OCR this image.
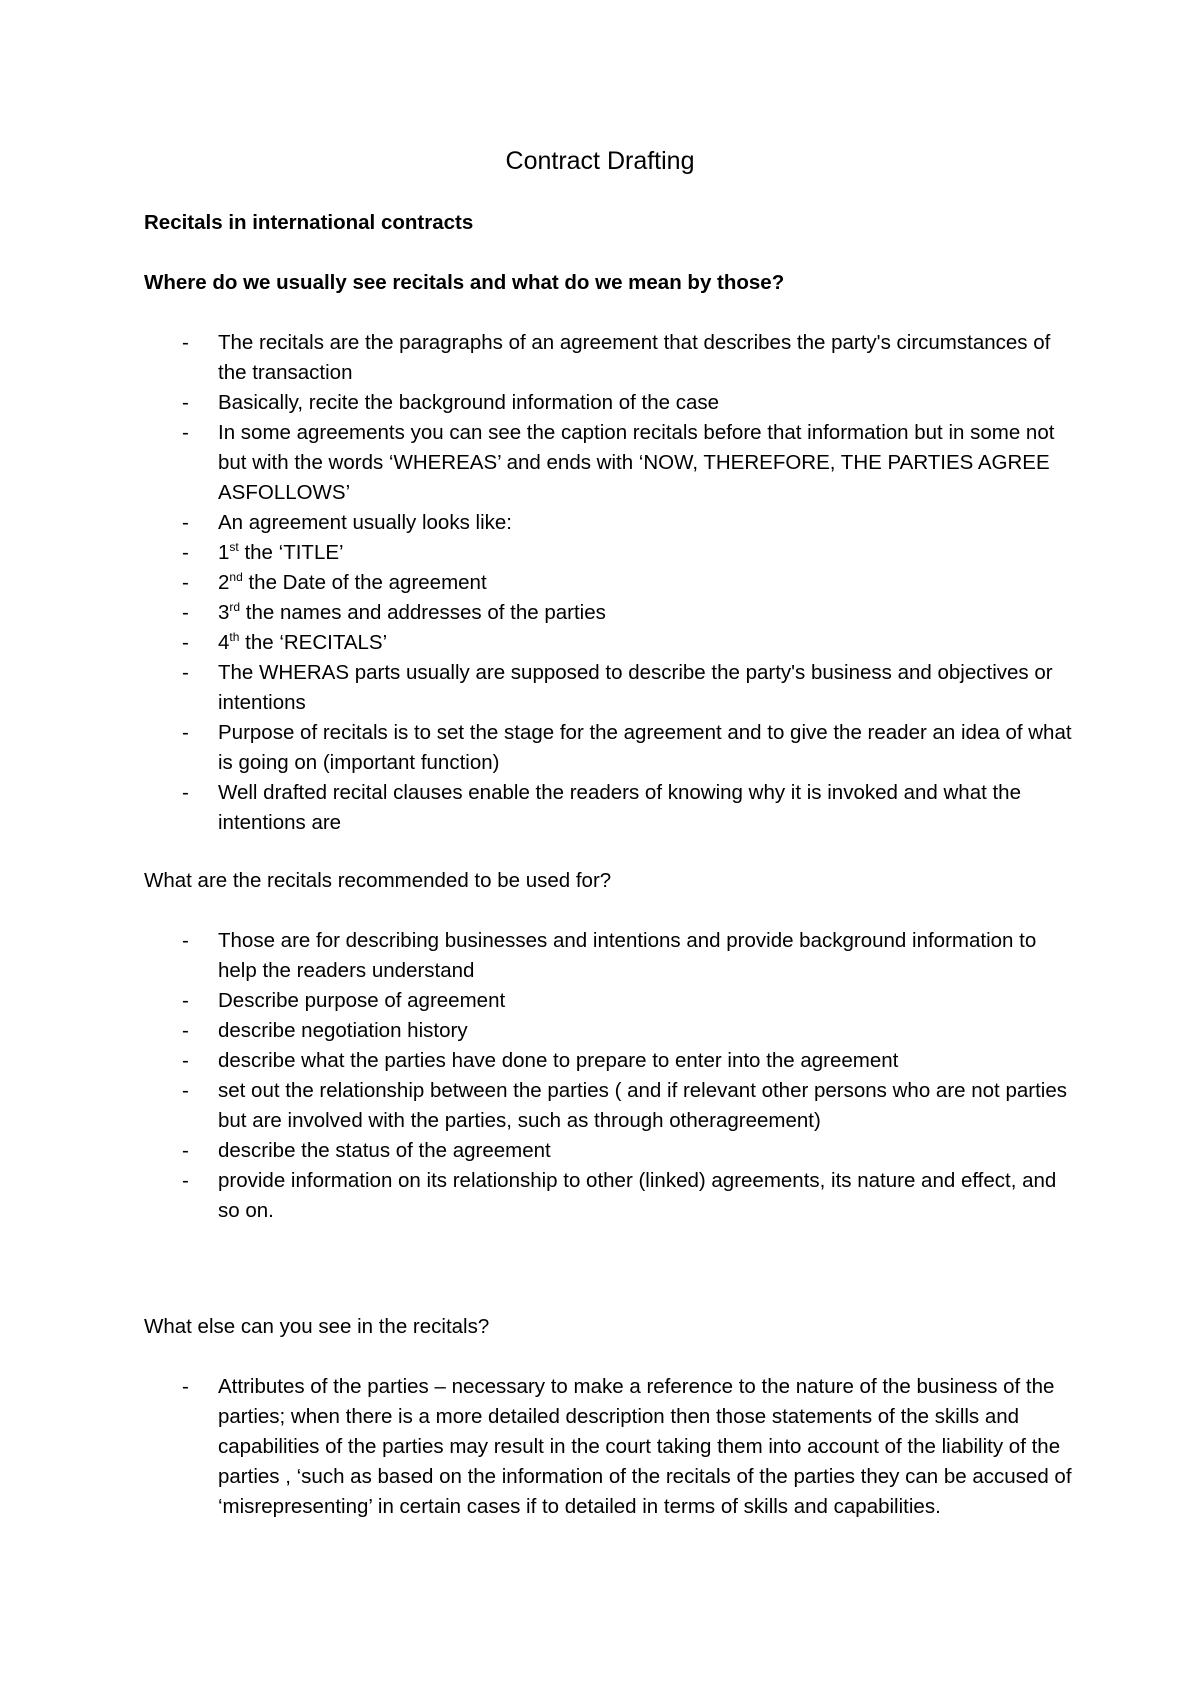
Contract Drafting
Recitals in international contracts
Where do we usually see recitals and what do we mean by those?
- The recitals are the paragraphs of an agreement that describes the party's circumstances of the transaction
- Basically, recite the background information of the case
- In some agreements you can see the caption recitals before that information but in some not but with the words ‘WHEREAS’ and ends with ‘NOW, THEREFORE, THE PARTIES AGREE ASFOLLOWS’
- An agreement usually looks like:
- 1st the ‘TITLE’
- 2nd the Date of the agreement
- 3rd the names and addresses of the parties
- 4th the ‘RECITALS’
- The WHERAS parts usually are supposed to describe the party's business and objectives or intentions
- Purpose of recitals is to set the stage for the agreement and to give the reader an idea of what is going on (important function)
- Well drafted recital clauses enable the readers of knowing why it is invoked and what the intentions are
What are the recitals recommended to be used for?
- Those are for describing businesses and intentions and provide background information to help the readers understand
- Describe purpose of agreement
- describe negotiation history
- describe what the parties have done to prepare to enter into the agreement
- set out the relationship between the parties ( and if relevant other persons who are not parties but are involved with the parties, such as through otheragreement)
- describe the status of the agreement
- provide information on its relationship to other (linked) agreements, its nature and effect, and so on.
What else can you see in the recitals?
- Attributes of the parties – necessary to make a reference to the nature of the business of the parties; when there is a more detailed description then those statements of the skills and capabilities of the parties may result in the court taking them into account of the liability of the parties , ‘such as based on the information of the recitals of the parties they can be accused of ‘misrepresenting’ in certain cases if to detailed in terms of skills and capabilities.
